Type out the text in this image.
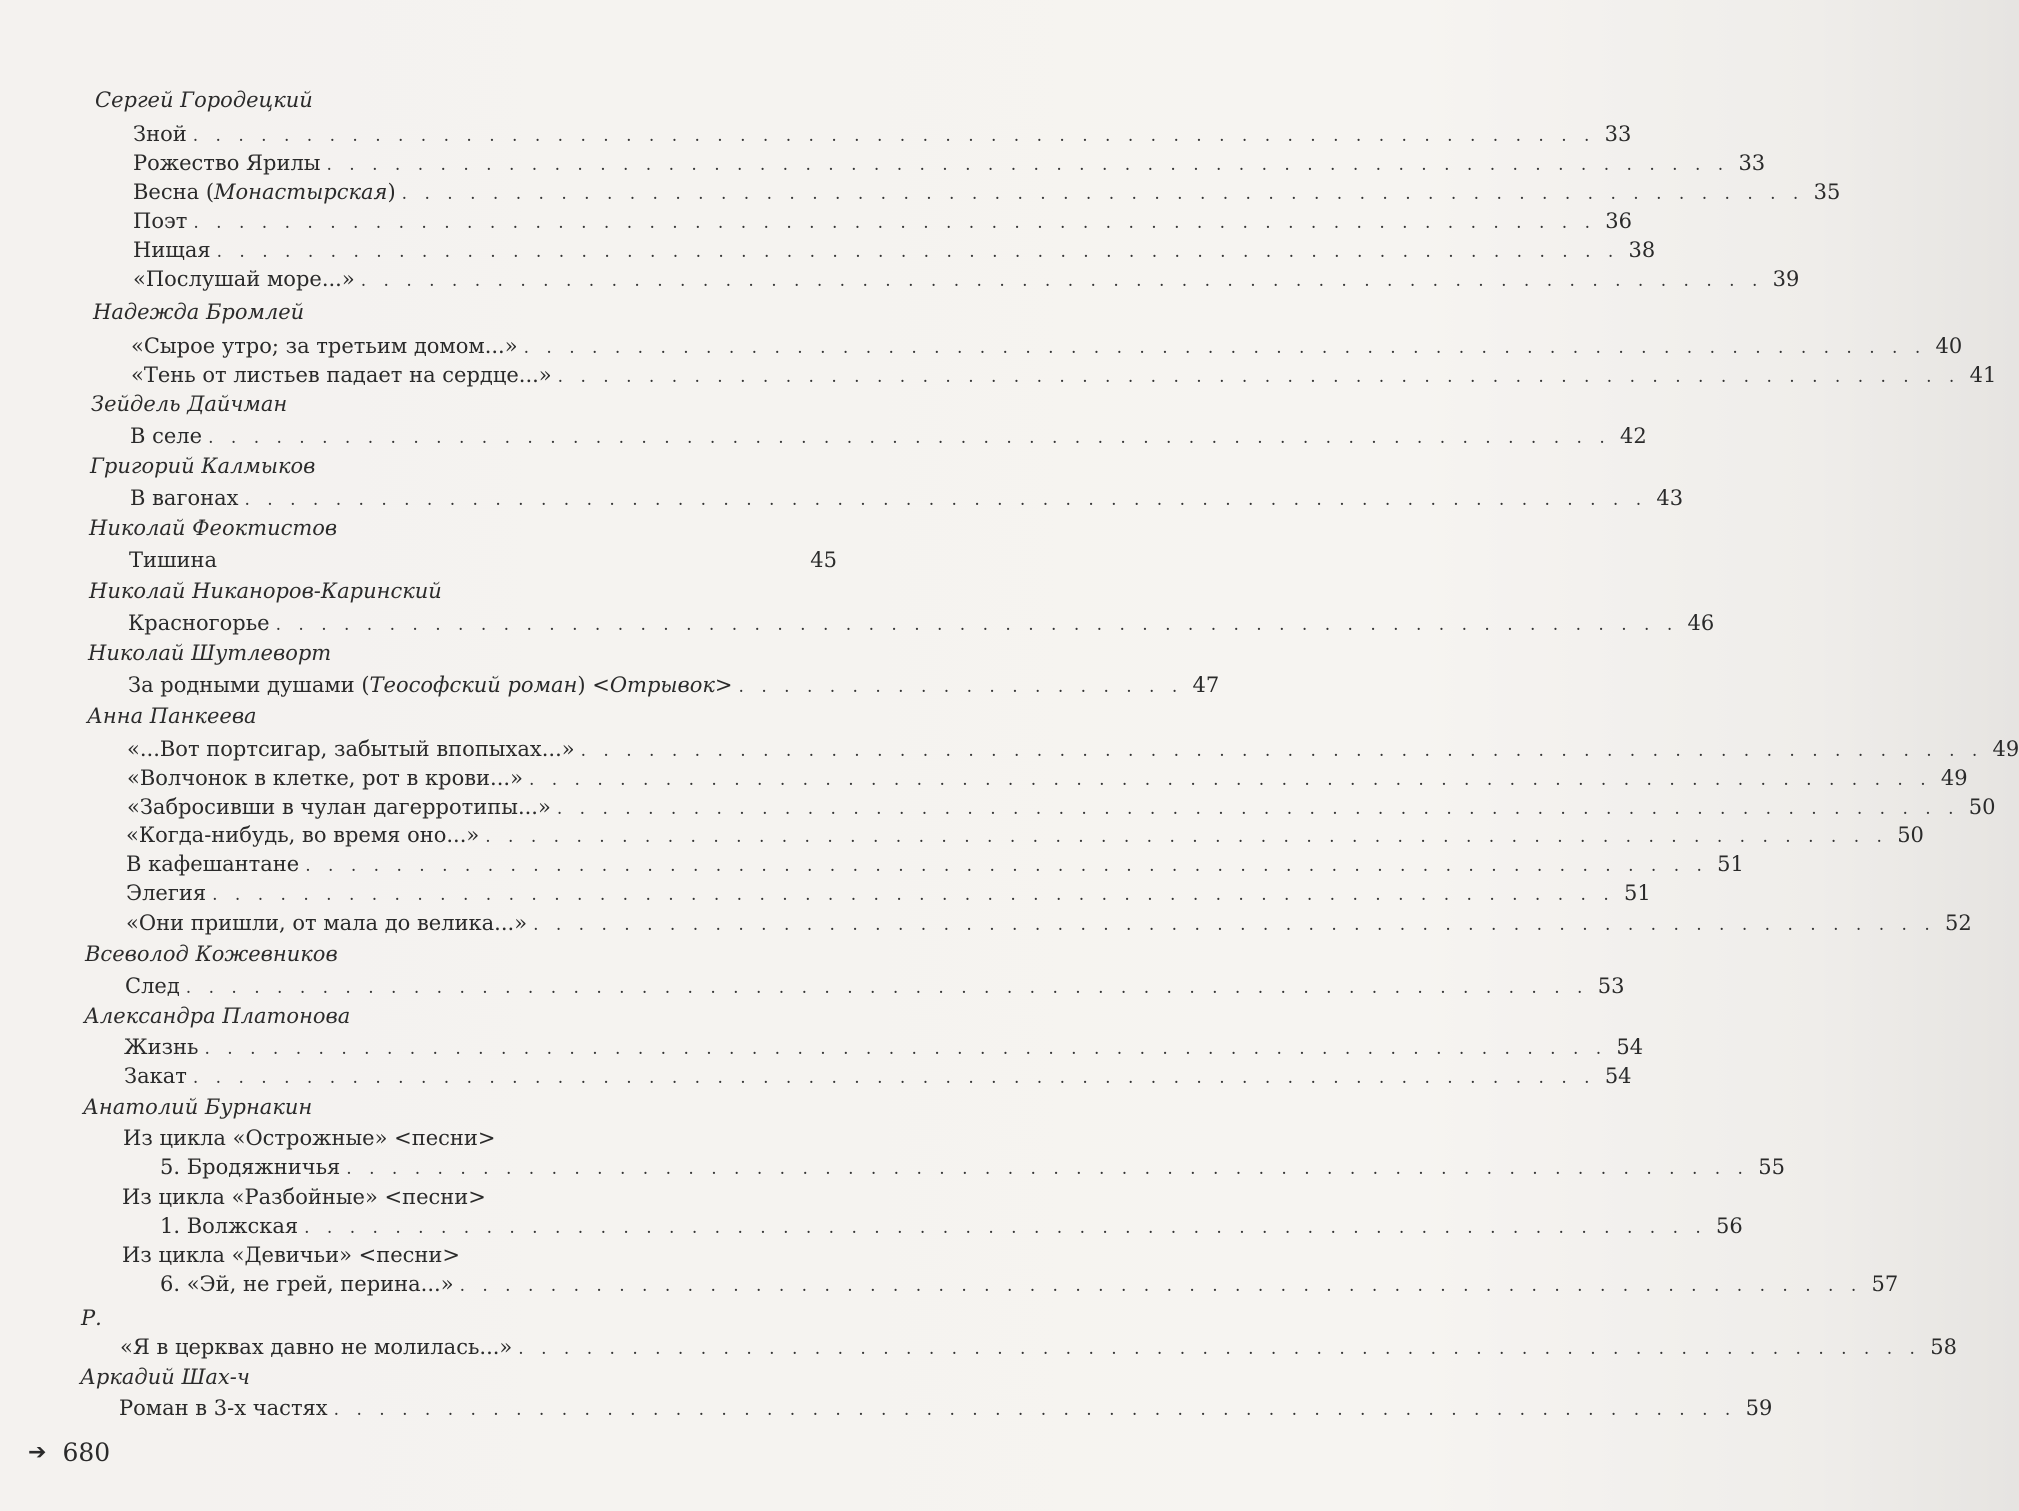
Сергей Городецкий
Зной . . . . . . . . . . . . . . . . . . . . . . . . . . . . . . . . . . . . . . . . . . . . . . . . . . . . . . . . . . . . . . 33
Рожество Ярилы . . . . . . . . . . . . . . . . . . . . . . . . . . . . . . . . . . . . . . . . . . . . . . . . . . . . . . . . . . . . . . 33
Весна (Монастырская) . . . . . . . . . . . . . . . . . . . . . . . . . . . . . . . . . . . . . . . . . . . . . . . . . . . . . . . . . . . . . . 35
Поэт . . . . . . . . . . . . . . . . . . . . . . . . . . . . . . . . . . . . . . . . . . . . . . . . . . . . . . . . . . . . . . 36
Нищая . . . . . . . . . . . . . . . . . . . . . . . . . . . . . . . . . . . . . . . . . . . . . . . . . . . . . . . . . . . . . . 38
«Послушай море...» . . . . . . . . . . . . . . . . . . . . . . . . . . . . . . . . . . . . . . . . . . . . . . . . . . . . . . . . . . . . . . 39
Надежда Бромлей
«Сырое утро; за третьим домом...» . . . . . . . . . . . . . . . . . . . . . . . . . . . . . . . . . . . . . . . . . . . . . . . . . . . . . . . . . . . . . . 40
«Тень от листьев падает на сердце...» . . . . . . . . . . . . . . . . . . . . . . . . . . . . . . . . . . . . . . . . . . . . . . . . . . . . . . . . . . . . . . 41
Зейдель Дайчман
В селе . . . . . . . . . . . . . . . . . . . . . . . . . . . . . . . . . . . . . . . . . . . . . . . . . . . . . . . . . . . . . . 42
Григорий Калмыков
В вагонах . . . . . . . . . . . . . . . . . . . . . . . . . . . . . . . . . . . . . . . . . . . . . . . . . . . . . . . . . . . . . . 43
Николай Феоктистов
Тишина	45
Николай Никаноров-Каринский
Красногорье . . . . . . . . . . . . . . . . . . . . . . . . . . . . . . . . . . . . . . . . . . . . . . . . . . . . . . . . . . . . . . 46
Николай Шутлеворт
За родными душами (Теософский роман) <Отрывок> . . . . . . . . . . . . . . . . . . . . 47
Анна Панкеева
«...Вот портсигар, забытый впопыхах...» . . . . . . . . . . . . . . . . . . . . . . . . . . . . . . . . . . . . . . . . . . . . . . . . . . . . . . . . . . . . . . 49
«Волчонок в клетке, рот в крови...» . . . . . . . . . . . . . . . . . . . . . . . . . . . . . . . . . . . . . . . . . . . . . . . . . . . . . . . . . . . . . . 49
«Забросивши в чулан дагерротипы...» . . . . . . . . . . . . . . . . . . . . . . . . . . . . . . . . . . . . . . . . . . . . . . . . . . . . . . . . . . . . . . 50
«Когда-нибудь, во время оно...» . . . . . . . . . . . . . . . . . . . . . . . . . . . . . . . . . . . . . . . . . . . . . . . . . . . . . . . . . . . . . . 50
В кафешантане . . . . . . . . . . . . . . . . . . . . . . . . . . . . . . . . . . . . . . . . . . . . . . . . . . . . . . . . . . . . . . 51
Элегия . . . . . . . . . . . . . . . . . . . . . . . . . . . . . . . . . . . . . . . . . . . . . . . . . . . . . . . . . . . . . . 51
«Они пришли, от мала до велика...» . . . . . . . . . . . . . . . . . . . . . . . . . . . . . . . . . . . . . . . . . . . . . . . . . . . . . . . . . . . . . . 52
Всеволод Кожевников
След . . . . . . . . . . . . . . . . . . . . . . . . . . . . . . . . . . . . . . . . . . . . . . . . . . . . . . . . . . . . . . 53
Александра Платонова
Жизнь . . . . . . . . . . . . . . . . . . . . . . . . . . . . . . . . . . . . . . . . . . . . . . . . . . . . . . . . . . . . . . 54
Закат . . . . . . . . . . . . . . . . . . . . . . . . . . . . . . . . . . . . . . . . . . . . . . . . . . . . . . . . . . . . . . 54
Анатолий Бурнакин
Из цикла «Острожные» <песни>
5. Бродяжничья . . . . . . . . . . . . . . . . . . . . . . . . . . . . . . . . . . . . . . . . . . . . . . . . . . . . . . . . . . . . . . 55
Из цикла «Разбойные» <песни>
1. Волжская . . . . . . . . . . . . . . . . . . . . . . . . . . . . . . . . . . . . . . . . . . . . . . . . . . . . . . . . . . . . . . 56
Из цикла «Девичьи» <песни>
6. «Эй, не грей, перина...» . . . . . . . . . . . . . . . . . . . . . . . . . . . . . . . . . . . . . . . . . . . . . . . . . . . . . . . . . . . . . . 57
Р.
«Я в церквах давно не молилась...» . . . . . . . . . . . . . . . . . . . . . . . . . . . . . . . . . . . . . . . . . . . . . . . . . . . . . . . . . . . . . . 58
Аркадий Шах-ч
Роман в 3-х частях . . . . . . . . . . . . . . . . . . . . . . . . . . . . . . . . . . . . . . . . . . . . . . . . . . . . . . . . . . . . . . 59
➔ 680
